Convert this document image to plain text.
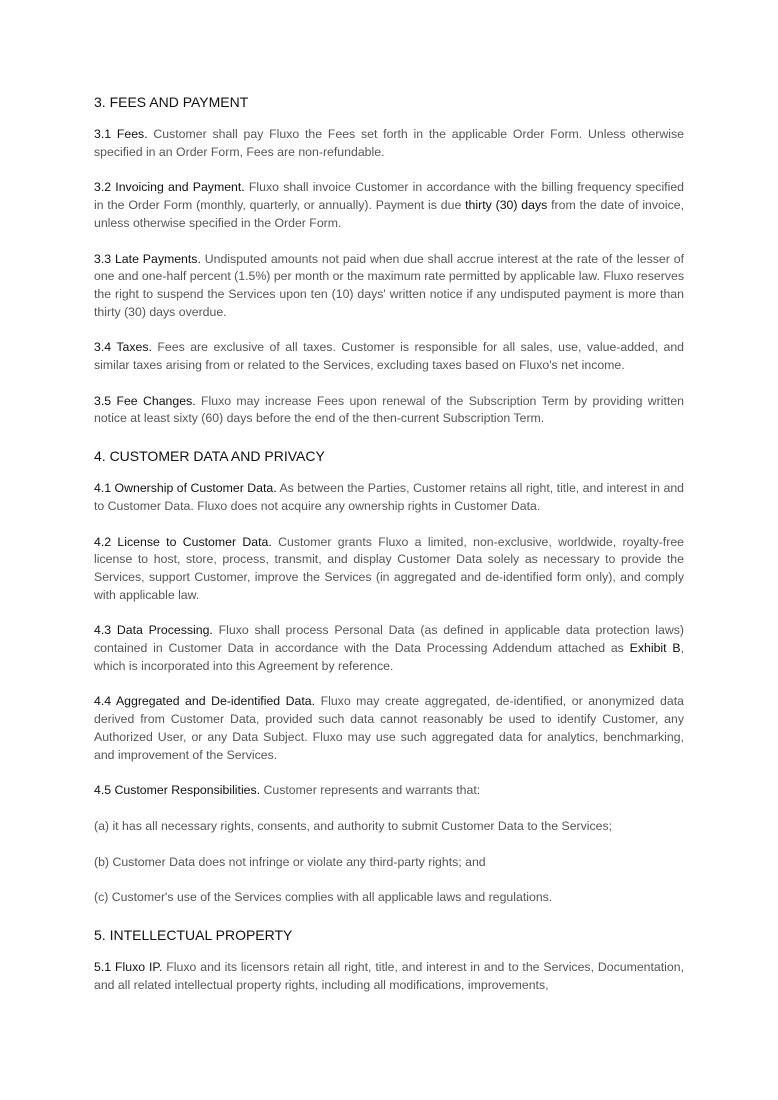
3. FEES AND PAYMENT

3.1 Fees. Customer shall pay Fluxo the Fees set forth in the applicable Order Form. Unless otherwise specified in an Order Form, Fees are non-refundable.

3.2 Invoicing and Payment. Fluxo shall invoice Customer in accordance with the billing frequency specified in the Order Form (monthly, quarterly, or annually). Payment is due thirty (30) days from the date of invoice, unless otherwise specified in the Order Form.

3.3 Late Payments. Undisputed amounts not paid when due shall accrue interest at the rate of the lesser of one and one-half percent (1.5%) per month or the maximum rate permitted by applicable law. Fluxo reserves the right to suspend the Services upon ten (10) days' written notice if any undisputed payment is more than thirty (30) days overdue.

3.4 Taxes. Fees are exclusive of all taxes. Customer is responsible for all sales, use, value-added, and similar taxes arising from or related to the Services, excluding taxes based on Fluxo's net income.

3.5 Fee Changes. Fluxo may increase Fees upon renewal of the Subscription Term by providing written notice at least sixty (60) days before the end of the then-current Subscription Term.

4. CUSTOMER DATA AND PRIVACY

4.1 Ownership of Customer Data. As between the Parties, Customer retains all right, title, and interest in and to Customer Data. Fluxo does not acquire any ownership rights in Customer Data.

4.2 License to Customer Data. Customer grants Fluxo a limited, non-exclusive, worldwide, royalty-free license to host, store, process, transmit, and display Customer Data solely as necessary to provide the Services, support Customer, improve the Services (in aggregated and de-identified form only), and comply with applicable law.

4.3 Data Processing. Fluxo shall process Personal Data (as defined in applicable data protection laws) contained in Customer Data in accordance with the Data Processing Addendum attached as Exhibit B, which is incorporated into this Agreement by reference.

4.4 Aggregated and De-identified Data. Fluxo may create aggregated, de-identified, or anonymized data derived from Customer Data, provided such data cannot reasonably be used to identify Customer, any Authorized User, or any Data Subject. Fluxo may use such aggregated data for analytics, benchmarking, and improvement of the Services.

4.5 Customer Responsibilities. Customer represents and warrants that:

(a) it has all necessary rights, consents, and authority to submit Customer Data to the Services;

(b) Customer Data does not infringe or violate any third-party rights; and

(c) Customer's use of the Services complies with all applicable laws and regulations.

5. INTELLECTUAL PROPERTY

5.1 Fluxo IP. Fluxo and its licensors retain all right, title, and interest in and to the Services, Documentation, and all related intellectual property rights, including all modifications, improvements,
